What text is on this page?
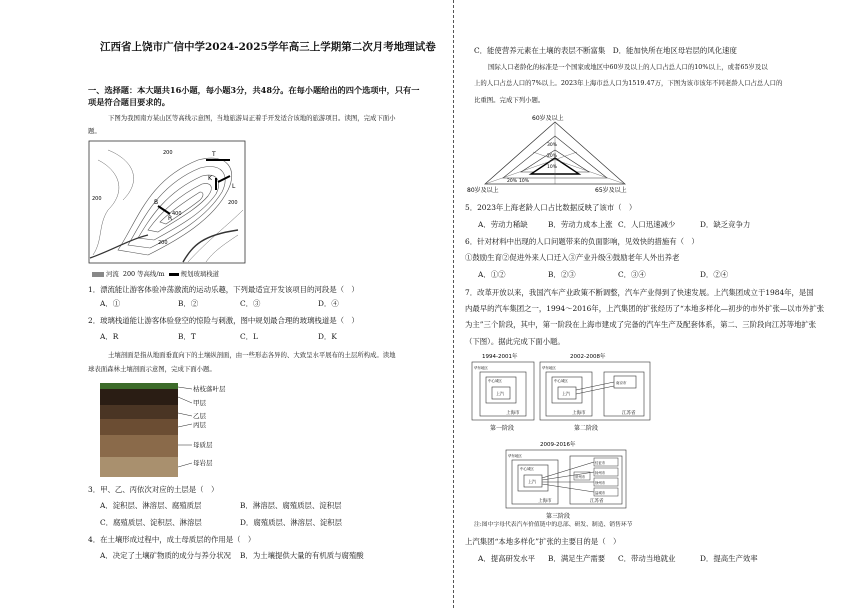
江西省上饶市广信中学2024-2025学年高三上学期第二次月考地理试卷
一、选择题：本大题共16小题，每小题3分，共48分。在每小题给出的四个选项中，只有一
项是符合题目要求的。
下图为我国南方某山区等高线示意图，当地旅游局正着手开发适合该地的旅游项目。读图，完成下面小
题。
200
200
400
200
200
T
K
L
B
R
河流 200 等高线/m	规划玻璃栈道
1．漂流能让游客体验冲荡激流的运动乐趣，下列最适宜开发该项目的河段是（　）
A．①	B．②	C．③	D．④
2．玻璃栈道能让游客体验登空的惊险与刺激，图中规划最合理的玻璃栈道是（　）
A．R	B．T	C．L	D．K
土壤剖面是指从地面垂直向下的土壤纵剖面，由一些形态各异的、大致呈水平展布的土层所构成。读地
球表面森林土壤剖面示意图，完成下面小题。
枯枝落叶层
甲层
乙层
丙层
母质层
母岩层
3．甲、乙、丙依次对应的土层是（　）
A．淀积层、淋溶层、腐殖质层	B．淋溶层、腐殖质层、淀积层
C．腐殖质层、淀积层、淋溶层	D．腐殖质层、淋溶层、淀积层
4．在土壤形成过程中，成土母质层的作用是（　）
A．决定了土壤矿物质的成分与养分状况 B．为土壤提供大量的有机质与腐殖酸
C．能使营养元素在土壤的表层不断富集　D．能加快所在地区母岩层的风化速度
国际人口老龄化的标准是一个国家或地区中60岁及以上的人口占总人口的10%以上，或者65岁及以
上的人口占总人口的7%以上。2023年上海市总人口为1519.47万，下图为该市该年不同老龄人口占总人口的
比重图。完成下列小题。
60岁及以上
80岁及以上	65岁及以上
30%
20%
10%
10%
20%
5．2023年上海老龄人口占比数据反映了该市（　）
A．劳动力稀缺	B．劳动力成本上涨 C．人口迅速减少	D．缺乏竞争力
6．针对材料中出现的人口问题带来的负面影响，见效快的措施有（　）
①鼓励生育②促进外来人口迁入③产业升级④鼓励老年人外出养老
A．①②	B．②③	C．③④	D．②④
7．改革开放以来，我国汽车产业政策不断调整，汽车产业得到了快速发展。上汽集团成立于1984年，是国
内最早的汽车集团之一，1994～2016年，上汽集团的扩张经历了“本地多样化—初步的市外扩张—以市外扩张
为主”三个阶段，其中，第一阶段在上海市建成了完备的汽车生产及配套体系，第二、三阶段向江苏等地扩张
（下图）。据此完成下面小题。
1994-2001年
华东地区
中心城区
上汽
上海市
第一阶段
2002-2008年
华东地区
中心城区
上汽
上海市
南京市
江苏省
第二阶段
2009-2016年
华东地区
中心城区
上汽
上海市
仪征市
扬州市
徐州市
盐城市
常州市
江苏省
第三阶段
注:图中字母代表汽车价值链中的总部、研发、制造、销售环节
上汽集团“本地多样化”扩张的主要目的是（　）
A．提高研发水平 B．满足生产需要 C．带动当地就业	D．提高生产效率
